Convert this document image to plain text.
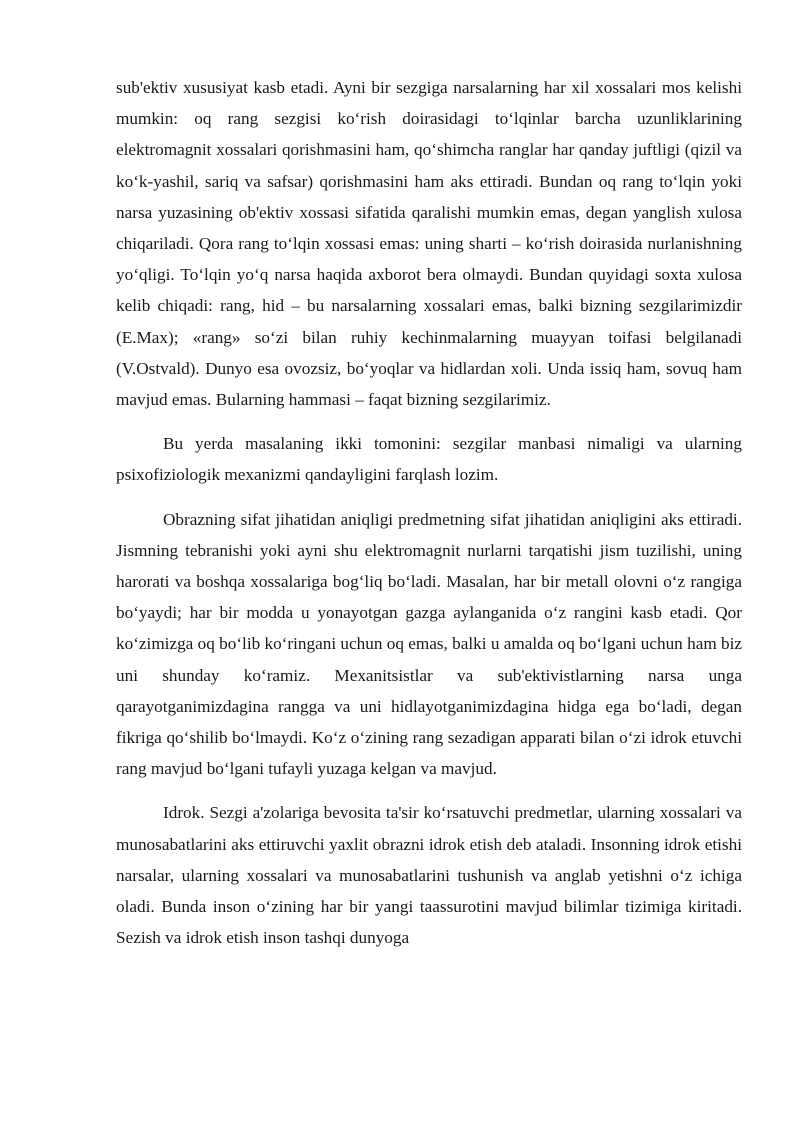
sub'ektiv xususiyat kasb etadi. Ayni bir sezgiga narsalarning har xil xossalari mos kelishi mumkin: oq rang sezgisi ko‘rish doirasidagi to‘lqinlar barcha uzunliklarining elektromagnit xossalari qorishmasini ham, qo‘shimcha ranglar har qanday juftligi (qizil va ko‘k-yashil, sariq va safsar) qorishmasini ham aks ettiradi. Bundan oq rang to‘lqin yoki narsa yuzasining ob'ektiv xossasi sifatida qaralishi mumkin emas, degan yanglish xulosa chiqariladi. Qora rang to‘lqin xossasi emas: uning sharti – ko‘rish doirasida nurlanishning yo‘qligi. To‘lqin yo‘q narsa haqida axborot bera olmaydi. Bundan quyidagi soxta xulosa kelib chiqadi: rang, hid – bu narsalarning xossalari emas, balki bizning sezgilarimizdir (E.Max); «rang» so‘zi bilan ruhiy kechinmalarning muayyan toifasi belgilanadi (V.Ostvald). Dunyo esa ovozsiz, bo‘yoqlar va hidlardan xoli. Unda issiq ham, sovuq ham mavjud emas. Bularning hammasi – faqat bizning sezgilarimiz.

Bu yerda masalaning ikki tomonini: sezgilar manbasi nimaligi va ularning psixofiziologik mexanizmi qandayligini farqlash lozim.

Obrazning sifat jihatidan aniqligi predmetning sifat jihatidan aniqligini aks ettiradi. Jismning tebranishi yoki ayni shu elektromagnit nurlarni tarqatishi jism tuzilishi, uning harorati va boshqa xossalariga bog‘liq bo‘ladi. Masalan, har bir metall olovni o‘z rangiga bo‘yaydi; har bir modda u yonayotgan gazga aylanganida o‘z rangini kasb etadi. Qor ko‘zimizga oq bo‘lib ko‘ringani uchun oq emas, balki u amalda oq bo‘lgani uchun ham biz uni shunday ko‘ramiz. Mexanitsistlar va sub'ektivistlarning narsa unga qarayotganimizdagina rangga va uni hidlayotganimizdagina hidga ega bo‘ladi, degan fikriga qo‘shilib bo‘lmaydi. Ko‘z o‘zining rang sezadigan apparati bilan o‘zi idrok etuvchi rang mavjud bo‘lgani tufayli yuzaga kelgan va mavjud.

Idrok. Sezgi a'zolariga bevosita ta'sir ko‘rsatuvchi predmetlar, ularning xossalari va munosabatlarini aks ettiruvchi yaxlit obrazni idrok etish deb ataladi. Insonning idrok etishi narsalar, ularning xossalari va munosabatlarini tushunish va anglab yetishni o‘z ichiga oladi. Bunda inson o‘zining har bir yangi taassurotini mavjud bilimlar tizimiga kiritadi. Sezish va idrok etish inson tashqi dunyoga
